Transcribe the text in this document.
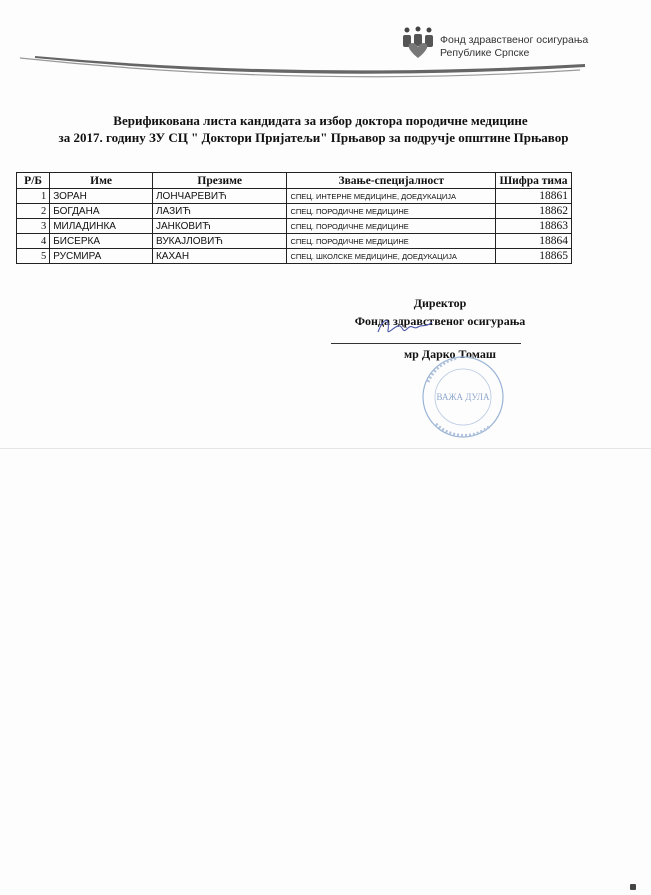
Фонд здравственог осигурања
Републике Српске
Верификована листа кандидата за избор доктора породичне медицине
за 2017. годину ЗУ СЦ " Доктори Пријатељи" Прњавор за подручје општине Прњавор
Р/Б	Име	Презиме	Звање-специјалност	Шифра тима
1	ЗОРАН	ЛОНЧАРЕВИЋ	СПЕЦ. ИНТЕРНЕ МЕДИЦИНЕ, ДОЕДУКАЦИЈА	18861
2	БОГДАНА	ЛАЗИЋ	СПЕЦ. ПОРОДИЧНЕ МЕДИЦИНЕ	18862
3	МИЛАДИНКА	ЈАНКОВИЋ	СПЕЦ. ПОРОДИЧНЕ МЕДИЦИНЕ	18863
4	БИСЕРКА	ВУКАЈЛОВИЋ	СПЕЦ. ПОРОДИЧНЕ МЕДИЦИНЕ	18864
5	РУСМИРА	КАХАН	СПЕЦ. ШКОЛСКЕ МЕДИЦИНЕ, ДОЕДУКАЦИЈА	18865
Директор
Фонда здравственог осигурања
мр Дарко Томаш
ВАЖА ДУЛА
